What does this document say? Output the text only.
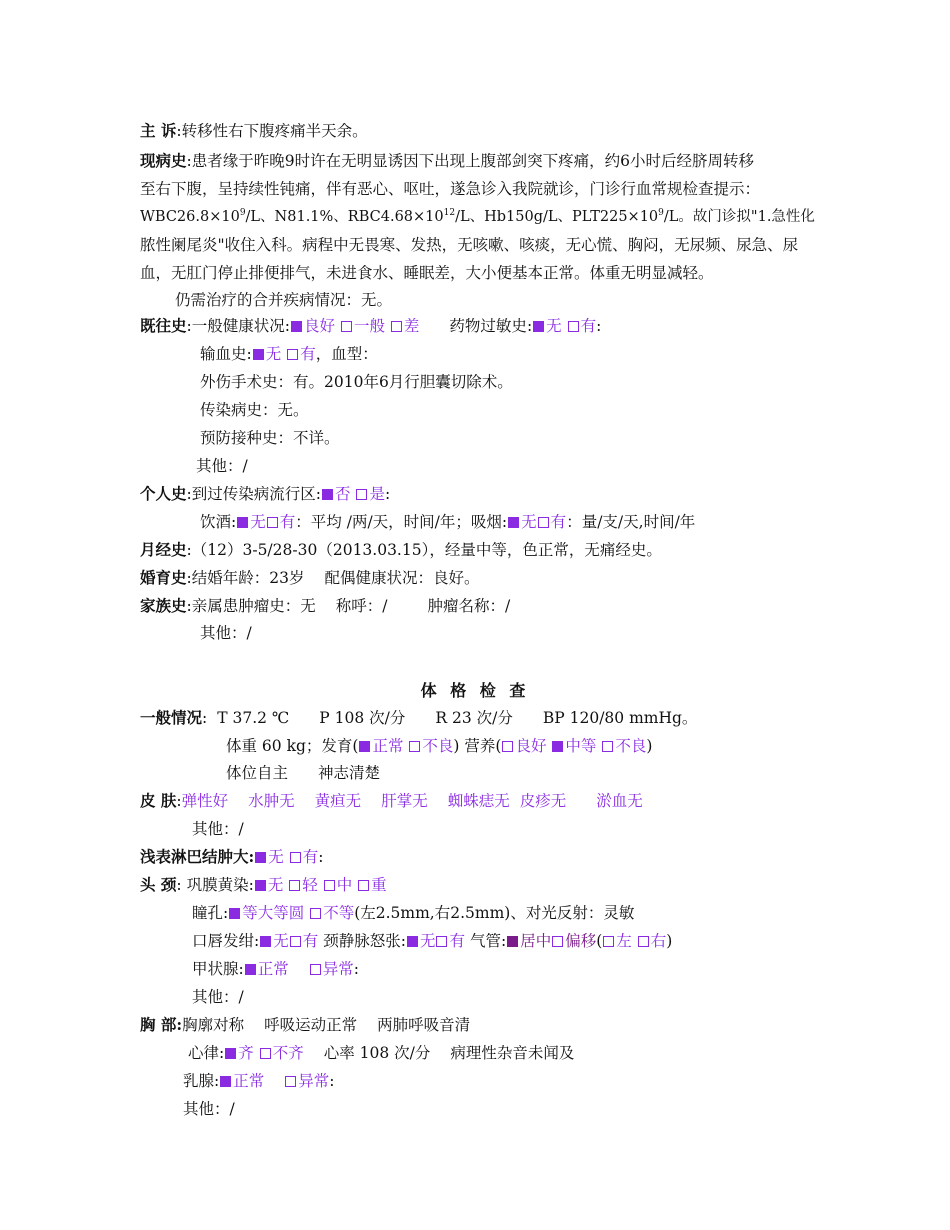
主 诉:转移性右下腹疼痛半天余。
现病史:患者缘于昨晚9时许在无明显诱因下出现上腹部剑突下疼痛，约6小时后经脐周转移
至右下腹，呈持续性钝痛，伴有恶心、呕吐，遂急诊入我院就诊，门诊行血常规检查提示：
$WBC26.8\times 10^9/L$、N81.1%、$RBC4.68\times 10^{12}/L$、Hb150g/L、$PLT225\times 10^9/L$。故门诊拟"1.急性化
脓性阑尾炎"收住入科。病程中无畏寒、发热，无咳嗽、咳痰，无心慌、胸闷，无尿频、尿急、尿
血，无肛门停止排便排气，未进食水、睡眠差，大小便基本正常。体重无明显减轻。
仍需治疗的合并疾病情况：无。
既往史:一般健康状况: 良好 一般 差 药物过敏史: 无 有:
输血史: 无 有，血型：
外伤手术史：有。2010年6月行胆囊切除术。
传染病史：无。
预防接种史：不详。
其他：/
个人史:到过传染病流行区: 否 是:
饮酒: 无 有：平均 /两/天，时间/年；吸烟: 无 有：量/支/天,时间/年
月经史:（12）3-5/28-30（2013.03.15），经量中等，色正常，无痛经史。
婚育史:结婚年龄：23岁 配偶健康状况：良好。
家族史:亲属患肿瘤史：无 称呼：/	肿瘤名称：/
其他：/
体 格 检 查
一般情况: T 37.2 ℃ P 108 次/分 R 23 次/分 BP 120/80 mmHg。
体重 60 kg；发育( 正常 不良) 营养( 良好 中等 不良)
体位自主 神志清楚
皮 肤:弹性好 水肿无 黄疸无 肝掌无 蜘蛛痣无 皮疹无 淤血无
其他：/
浅表淋巴结肿大: 无 有:
头 颈: 巩膜黄染: 无 轻 中 重
瞳孔: 等大等圆 不等(左2.5mm,右2.5mm)、对光反射：灵敏
口唇发绀: 无 有 颈静脉怒张: 无 有 气管: 居中 偏移( 左 右)
甲状腺: 正常 异常:
其他：/
胸 部:胸廓对称 呼吸运动正常 两肺呼吸音清
心律: 齐 不齐 心率 108 次/分 病理性杂音未闻及
乳腺: 正常 异常:
其他：/
